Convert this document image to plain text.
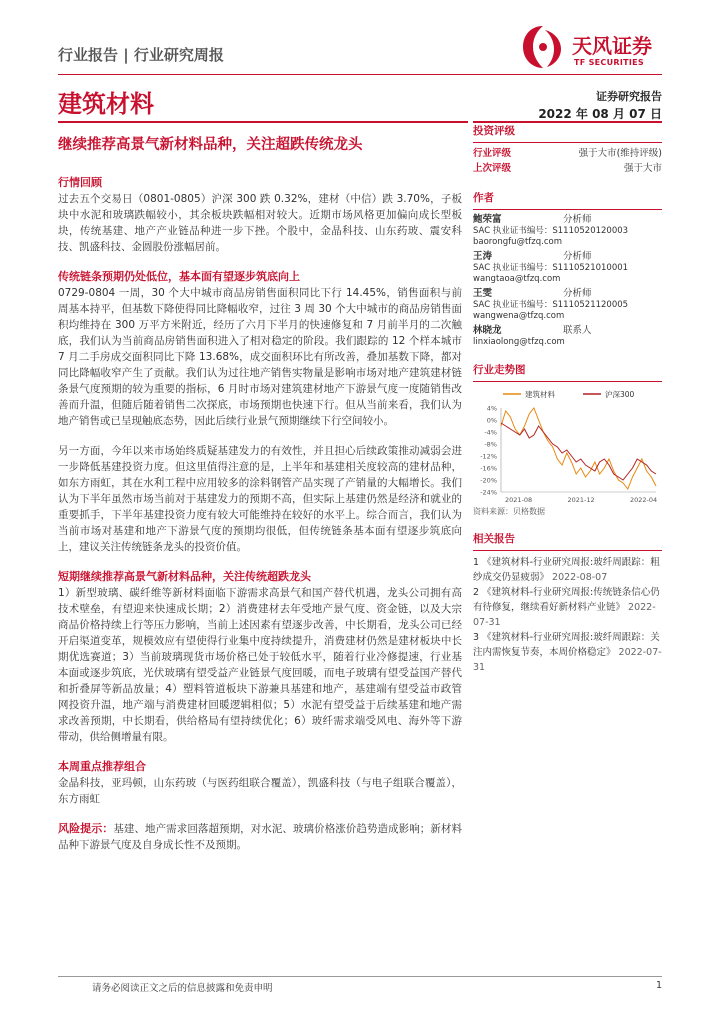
行业报告 | 行业研究周报	天风证券
TF SECURITIES
建筑材料	证券研究报告
2022 年 08 月 07 日
继续推荐高景气新材料品种，关注超跌传统龙头
行情回顾
过去五个交易日（0801-0805）沪深 300 跌 0.32%，建材（中信）跌 3.70%，子板块中水泥和玻璃跌幅较小，其余板块跌幅相对较大。近期市场风格更加偏向成长型板块，传统基建、地产产业链品种进一步下挫。个股中，金晶科技、山东药玻、震安科技、凯盛科技、金圆股份涨幅居前。
传统链条预期仍处低位，基本面有望逐步筑底向上
0729-0804 一周，30 个大中城市商品房销售面积同比下行 14.45%，销售面积与前周基本持平，但基数下降使得同比降幅收窄，过往 3 周 30 个大中城市的商品房销售面积均维持在 300 万平方米附近，经历了六月下半月的快速修复和 7 月前半月的二次触底，我们认为当前商品房销售面积进入了相对稳定的阶段。我们跟踪的 12 个样本城市 7 月二手房成交面积同比下降 13.68%，成交面积环比有所改善，叠加基数下降，都对同比降幅收窄产生了贡献。我们认为过往地产销售实物量是影响市场对地产建筑建材链条景气度预期的较为重要的指标，6 月时市场对建筑建材地产下游景气度一度随销售改善而升温，但随后随着销售二次探底，市场预期也快速下行。但从当前来看，我们认为地产销售或已呈现触底态势，因此后续行业景气预期继续下行空间较小。
另一方面，今年以来市场始终质疑基建发力的有效性，并且担心后续政策推动减弱会进一步降低基建投资力度。但这里值得注意的是，上半年和基建相关度较高的建材品种，如东方雨虹，其在水利工程中应用较多的涂料钢管产品实现了产销量的大幅增长。我们认为下半年虽然市场当前对于基建发力的预期不高，但实际上基建仍然是经济和就业的重要抓手，下半年基建投资力度有较大可能维持在较好的水平上。综合而言，我们认为当前市场对基建和地产下游景气度的预期均很低，但传统链条基本面有望逐步筑底向上，建议关注传统链条龙头的投资价值。
短期继续推荐高景气新材料品种，关注传统超跌龙头
1）新型玻璃、碳纤维等新材料面临下游需求高景气和国产替代机遇，龙头公司拥有高技术壁垒，有望迎来快速成长期；2）消费建材去年受地产景气度、资金链，以及大宗商品价格持续上行等压力影响，当前上述因素有望逐步改善，中长期看，龙头公司已经开启渠道变革，规模效应有望使得行业集中度持续提升，消费建材仍然是建材板块中长期优选赛道；3）当前玻璃现货市场价格已处于较低水平，随着行业冷修提速，行业基本面或逐步筑底，光伏玻璃有望受益产业链景气度回暖，而电子玻璃有望受益国产替代和折叠屏等新品放量；4）塑料管道板块下游兼具基建和地产，基建端有望受益市政管网投资升温，地产端与消费建材回暖逻辑相似；5）水泥有望受益于后续基建和地产需求改善预期，中长期看，供给格局有望持续优化；6）玻纤需求端受风电、海外等下游带动，供给侧增量有限。
本周重点推荐组合
金晶科技，亚玛顿，山东药玻（与医药组联合覆盖），凯盛科技（与电子组联合覆盖），东方雨虹
风险提示：基建、地产需求回落超预期，对水泥、玻璃价格涨价趋势造成影响；新材料品种下游景气度及自身成长性不及预期。
投资评级
行业评级	强于大市(维持评级)
上次评级	强于大市
作者
鲍荣富	分析师
SAC 执业证书编号：S1110520120003
baorongfu@tfzq.com
王涛	分析师
SAC 执业证书编号：S1110521010001
wangtaoa@tfzq.com
王雯	分析师
SAC 执业证书编号：S1110521120005
wangwena@tfzq.com
林晓龙	联系人
linxiaolong@tfzq.com
行业走势图
建筑材料	沪深300
4%
0%
-4%
-8%
-12%
-16%
-20%
-24%
2021-08	2021-12	2022-04
资料来源：贝格数据
相关报告
1 《建筑材料-行业研究周报:玻纤周跟踪：粗纱成交仍显疲弱》 2022-08-07
2 《建筑材料-行业研究周报:传统链条信心仍有待修复，继续看好新材料产业链》 2022-07-31
3 《建筑材料-行业研究周报:玻纤周跟踪：关注内需恢复节奏，本周价格稳定》 2022-07-31
请务必阅读正文之后的信息披露和免责申明	1
